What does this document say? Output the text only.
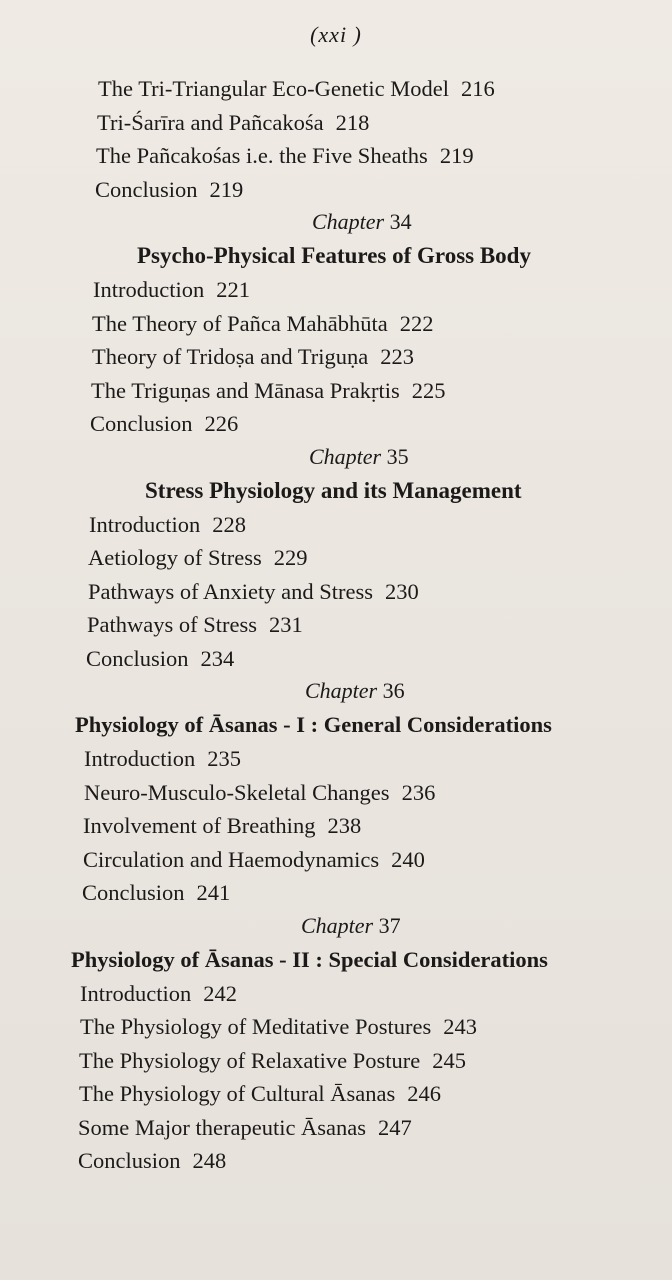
(xxi )
The Tri-Triangular Eco-Genetic Model 216
Tri-Śarīra and Pañcakośa 218
The Pañcakośas i.e. the Five Sheaths 219
Conclusion 219
Chapter 34
Psycho-Physical Features of Gross Body
Introduction 221
The Theory of Pañca Mahābhūta 222
Theory of Tridoṣa and Triguṇa 223
The Triguṇas and Mānasa Prakṛtis 225
Conclusion 226
Chapter 35
Stress Physiology and its Management
Introduction 228
Aetiology of Stress 229
Pathways of Anxiety and Stress 230
Pathways of Stress 231
Conclusion 234
Chapter 36
Physiology of Āsanas - I : General Considerations
Introduction 235
Neuro-Musculo-Skeletal Changes 236
Involvement of Breathing 238
Circulation and Haemodynamics 240
Conclusion 241
Chapter 37
Physiology of Āsanas - II : Special Considerations
Introduction 242
The Physiology of Meditative Postures 243
The Physiology of Relaxative Posture 245
The Physiology of Cultural Āsanas 246
Some Major therapeutic Āsanas 247
Conclusion 248
